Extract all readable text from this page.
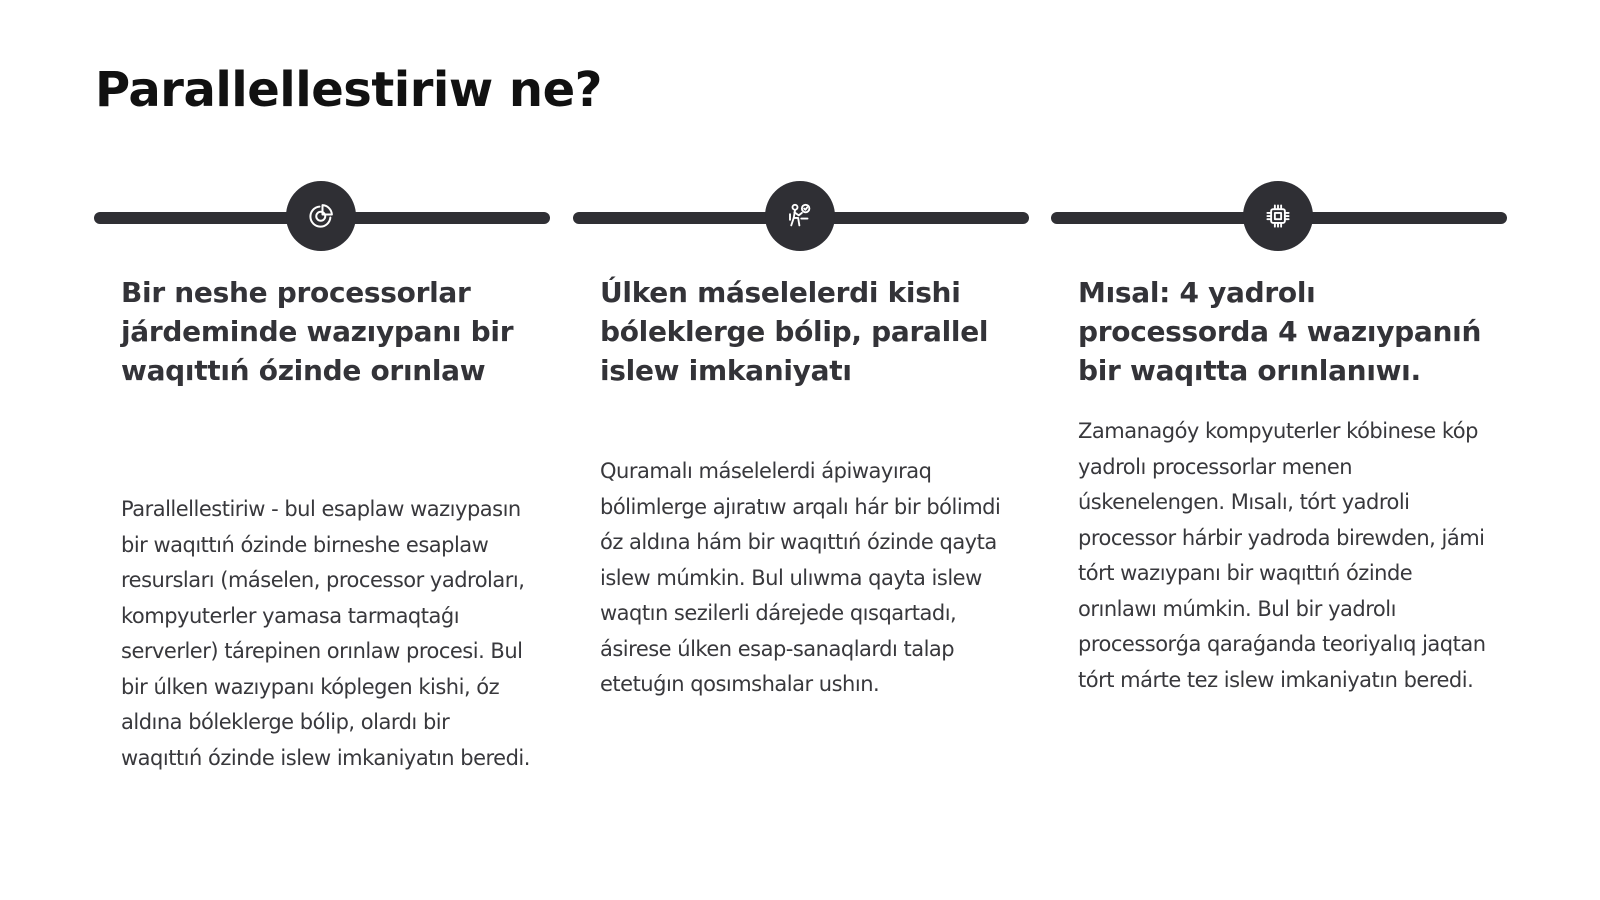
Parallellestiriw ne?
Bir neshe processorlar járdeminde wazıypanı bir waqıttıń ózinde orınlaw

Parallellestiriw - bul esaplaw wazıypasın bir waqıttıń ózinde birneshe esaplaw resursları (máselen, processor yadroları, kompyuterler yamasa tarmaqtaǵı serverler) tárepinen orınlaw procesi. Bul bir úlken wazıypanı kóplegen kishi, óz aldına bóleklerge bólip, olardı bir waqıttıń ózinde islew imkaniyatın beredi.

Úlken máselelerdi kishi bóleklerge bólip, parallel islew imkaniyatı

Quramalı máselelerdi ápiwayıraq bólimlerge ajıratıw arqalı hár bir bólimdi óz aldına hám bir waqıttıń ózinde qayta islew múmkin. Bul ulıwma qayta islew waqtın sezilerli dárejede qısqartadı, ásirese úlken esap-sanaqlardı talap etetuǵın qosımshalar ushın.

Mısal: 4 yadrolı processorda 4 wazıypanıń bir waqıtta orınlanıwı.

Zamanagóy kompyuterler kóbinese kóp yadrolı processorlar menen úskenelengen. Mısalı, tórt yadroli processor hárbir yadroda birewden, jámi tórt wazıypanı bir waqıttıń ózinde orınlawı múmkin. Bul bir yadrolı processorǵa qaraǵanda teoriyalıq jaqtan tórt márte tez islew imkaniyatın beredi.
